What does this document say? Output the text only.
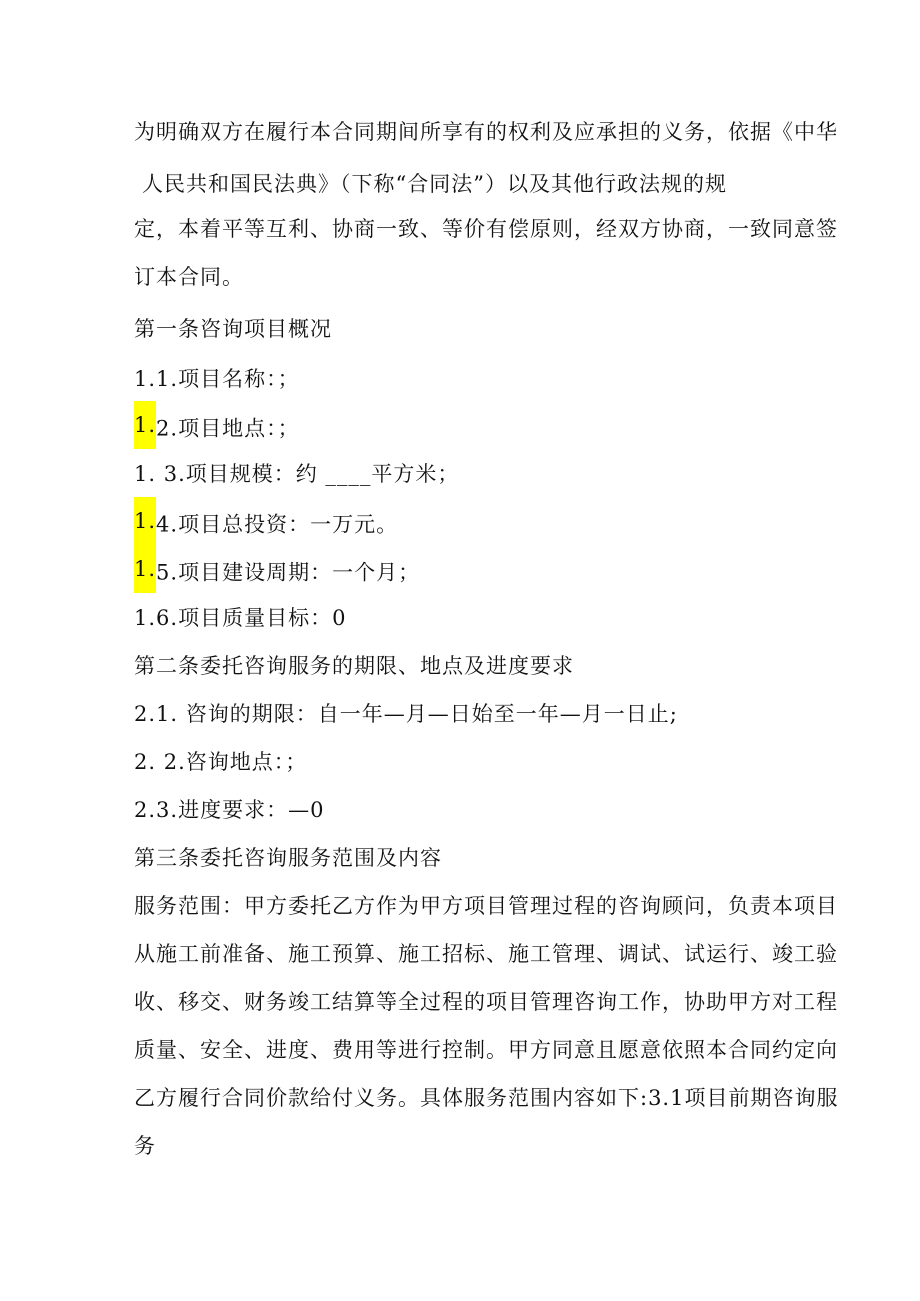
为明确双方在履行本合同期间所享有的权利及应承担的义务，依据《中华
人民共和国民法典》（下称“合同法”）以及其他行政法规的规
定，本着平等互利、协商一致、等价有偿原则，经双方协商，一致同意签
订本合同。
第一条咨询项目概况
1.1.项目名称：；
1.2.项目地点：；
1. 3.项目规模：约 ____平方米；
1.4.项目总投资：一万元。
1.5.项目建设周期：一个月；
1.6.项目质量目标：0
第二条委托咨询服务的期限、地点及进度要求
2.1. 咨询的期限：自一年—月—日始至一年—月一日止;
2. 2.咨询地点：；
2.3.进度要求：—0
第三条委托咨询服务范围及内容
服务范围：甲方委托乙方作为甲方项目管理过程的咨询顾问，负责本项目
从施工前准备、施工预算、施工招标、施工管理、调试、试运行、竣工验
收、移交、财务竣工结算等全过程的项目管理咨询工作，协助甲方对工程
质量、安全、进度、费用等进行控制。甲方同意且愿意依照本合同约定向
乙方履行合同价款给付义务。具体服务范围内容如下:3.1项目前期咨询服
务
